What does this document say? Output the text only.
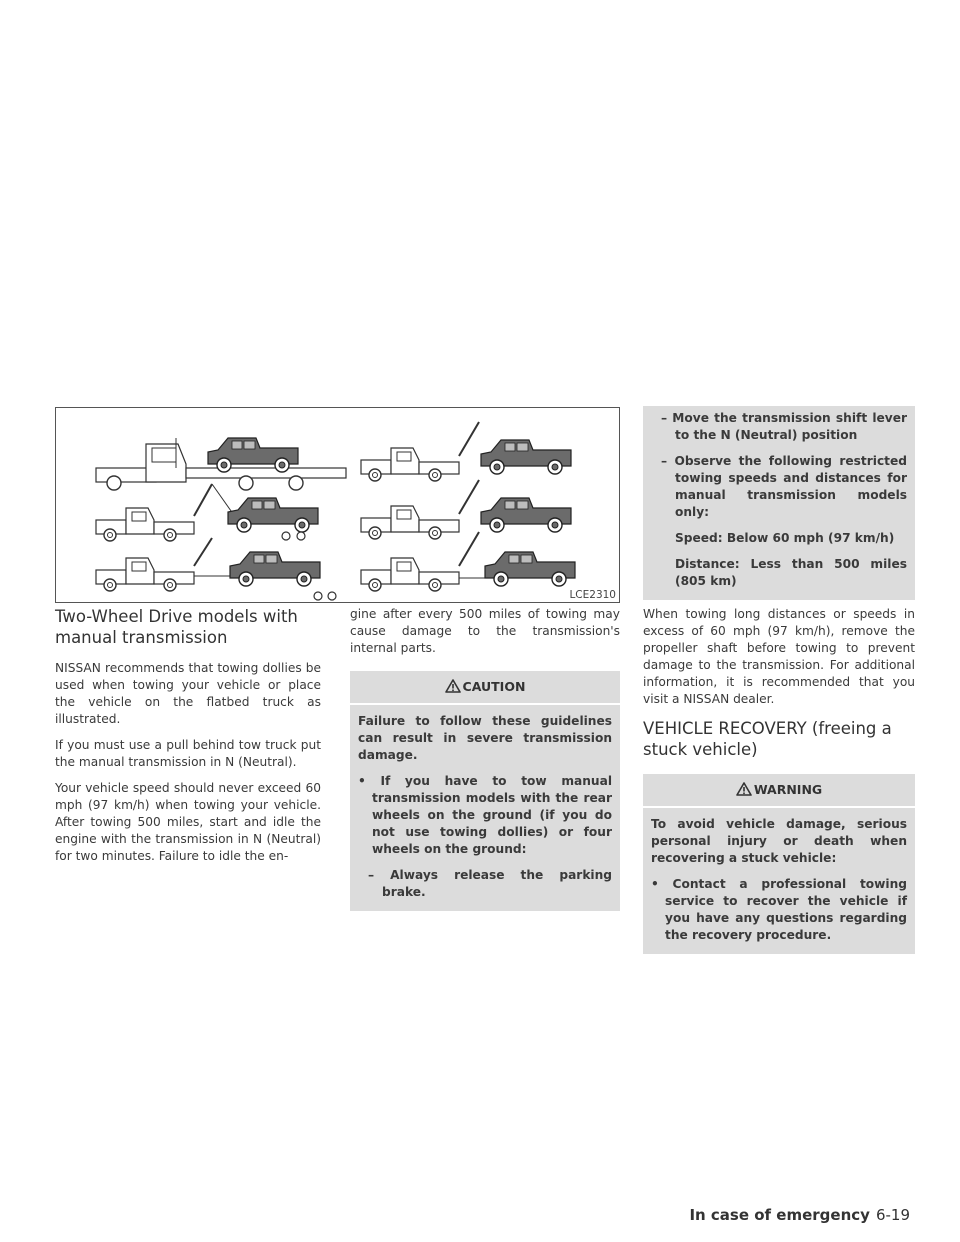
LCE2310
Two-Wheel Drive models with manual transmission

NISSAN recommends that towing dollies be used when towing your vehicle or place the vehicle on the flatbed truck as illustrated.

If you must use a pull behind tow truck put the manual transmission in N (Neutral).

Your vehicle speed should never exceed 60 mph (97 km/h) when towing your vehicle. After towing 500 miles, start and idle the engine with the transmission in N (Neutral) for two minutes. Failure to idle the en-

gine after every 500 miles of towing may cause damage to the transmission's internal parts.

CAUTION

Failure to follow these guidelines can result in severe transmission damage.

• If you have to tow manual transmission models with the rear wheels on the ground (if you do not use towing dollies) or four wheels on the ground:

– Always release the parking brake.

– Move the transmission shift lever to the N (Neutral) position

– Observe the following restricted towing speeds and distances for manual transmission models only:

Speed: Below 60 mph (97 km/h)

Distance: Less than 500 miles (805 km)

When towing long distances or speeds in excess of 60 mph (97 km/h), remove the propeller shaft before towing to prevent damage to the transmission. For additional information, it is recommended that you visit a NISSAN dealer.

VEHICLE RECOVERY (freeing a stuck vehicle)
WARNING

To avoid vehicle damage, serious personal injury or death when recovering a stuck vehicle:

• Contact a professional towing service to recover the vehicle if you have any questions regarding the recovery procedure.

In case of emergency 6-19
